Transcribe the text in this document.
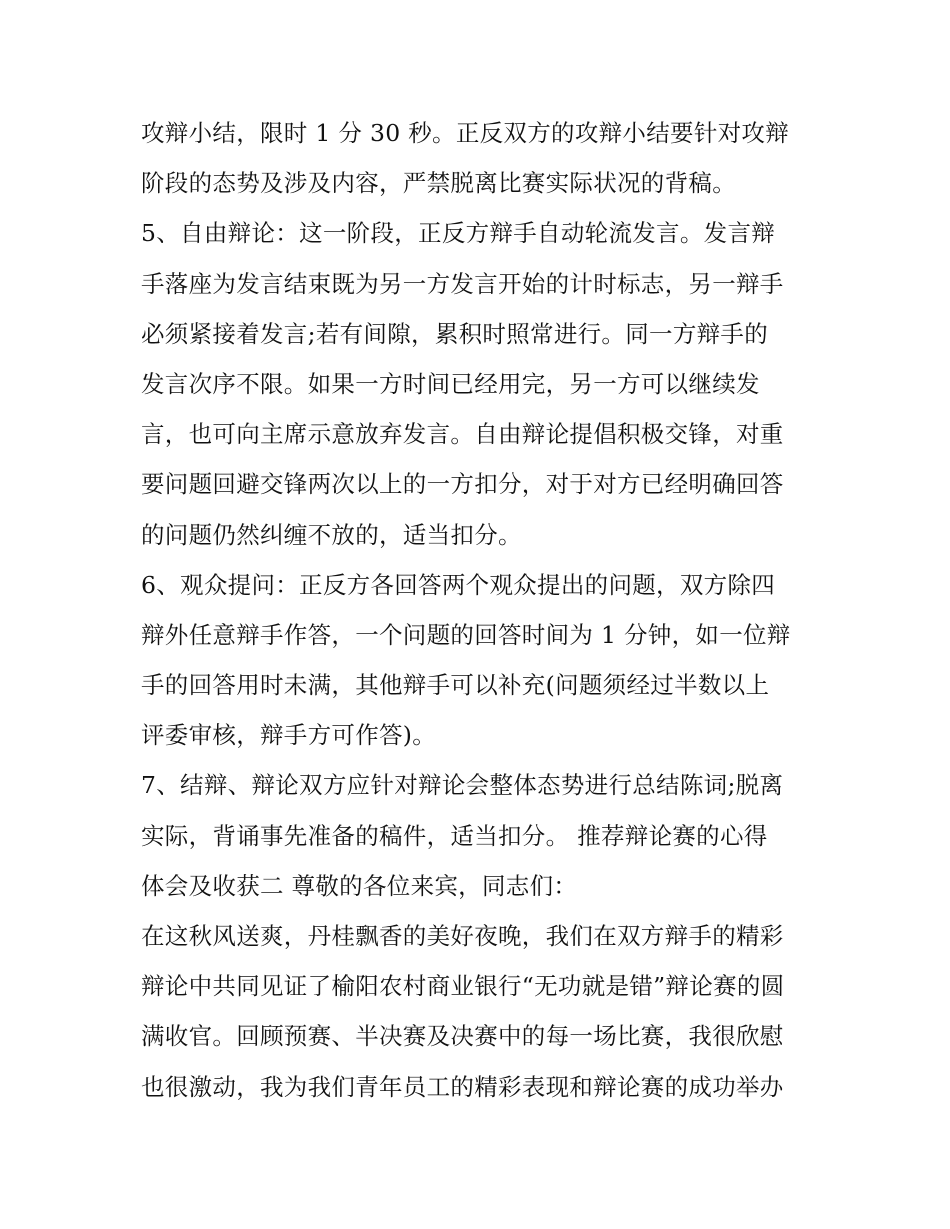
攻辩小结，限时 1 分 30 秒。正反双方的攻辩小结要针对攻辩
阶段的态势及涉及内容，严禁脱离比赛实际状况的背稿。
5、自由辩论：这一阶段，正反方辩手自动轮流发言。发言辩
手落座为发言结束既为另一方发言开始的计时标志，另一辩手
必须紧接着发言;若有间隙，累积时照常进行。同一方辩手的
发言次序不限。如果一方时间已经用完，另一方可以继续发
言，也可向主席示意放弃发言。自由辩论提倡积极交锋，对重
要问题回避交锋两次以上的一方扣分，对于对方已经明确回答
的问题仍然纠缠不放的，适当扣分。
6、观众提问：正反方各回答两个观众提出的问题，双方除四
辩外任意辩手作答，一个问题的回答时间为 1 分钟，如一位辩
手的回答用时未满，其他辩手可以补充(问题须经过半数以上
评委审核，辩手方可作答)。
7、结辩、辩论双方应针对辩论会整体态势进行总结陈词;脱离
实际，背诵事先准备的稿件，适当扣分。 推荐辩论赛的心得
体会及收获二 尊敬的各位来宾，同志们：
在这秋风送爽，丹桂飘香的美好夜晚，我们在双方辩手的精彩
辩论中共同见证了榆阳农村商业银行“无功就是错”辩论赛的圆
满收官。回顾预赛、半决赛及决赛中的每一场比赛，我很欣慰
也很激动，我为我们青年员工的精彩表现和辩论赛的成功举办
